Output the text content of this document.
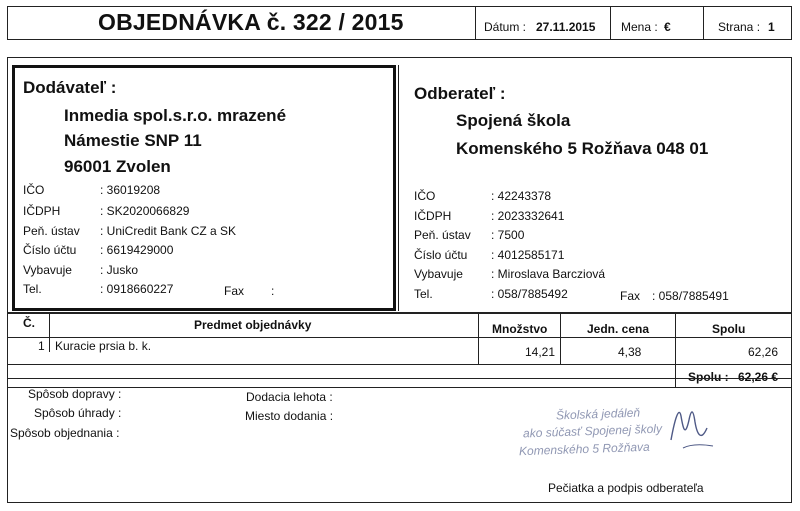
OBJEDNÁVKA č. 322 / 2015	Dátum : 27.11.2015 Mena : €	Strana : 1
Dodávateľ :
Inmedia spol.s.r.o. mrazené
Námestie SNP 11
96001 Zvolen
IČO	: 36019208
IČDPH	: SK2020066829
Peň. ústav : UniCredit Bank CZ a SK
Číslo účtu : 6619429000
Vybavuje : Jusko
Tel.	: 0918660227	Fax :
Odberateľ :
Spojená škola
Komenského 5 Rožňava 048 01
IČO	: 42243378
IČDPH	: 2023332641
Peň. ústav : 7500
Číslo účtu : 4012585171
Vybavuje : Miroslava Barcziová
Tel.	: 058/7885492	Fax : 058/7885491
Č.	Predmet objednávky	Množstvo	Jedn. cena	Spolu
1 Kuracie prsia b. k.	14,21	4,38	62,26
Spolu : 62,26 €
Spôsob dopravy :
Spôsob úhrady :
Spôsob objednania :
Dodacia lehota :
Miesto dodania :	Školská jedáleň
ako súčasť Spojenej školy
Komenského 5 Rožňava
Pečiatka a podpis odberateľa
